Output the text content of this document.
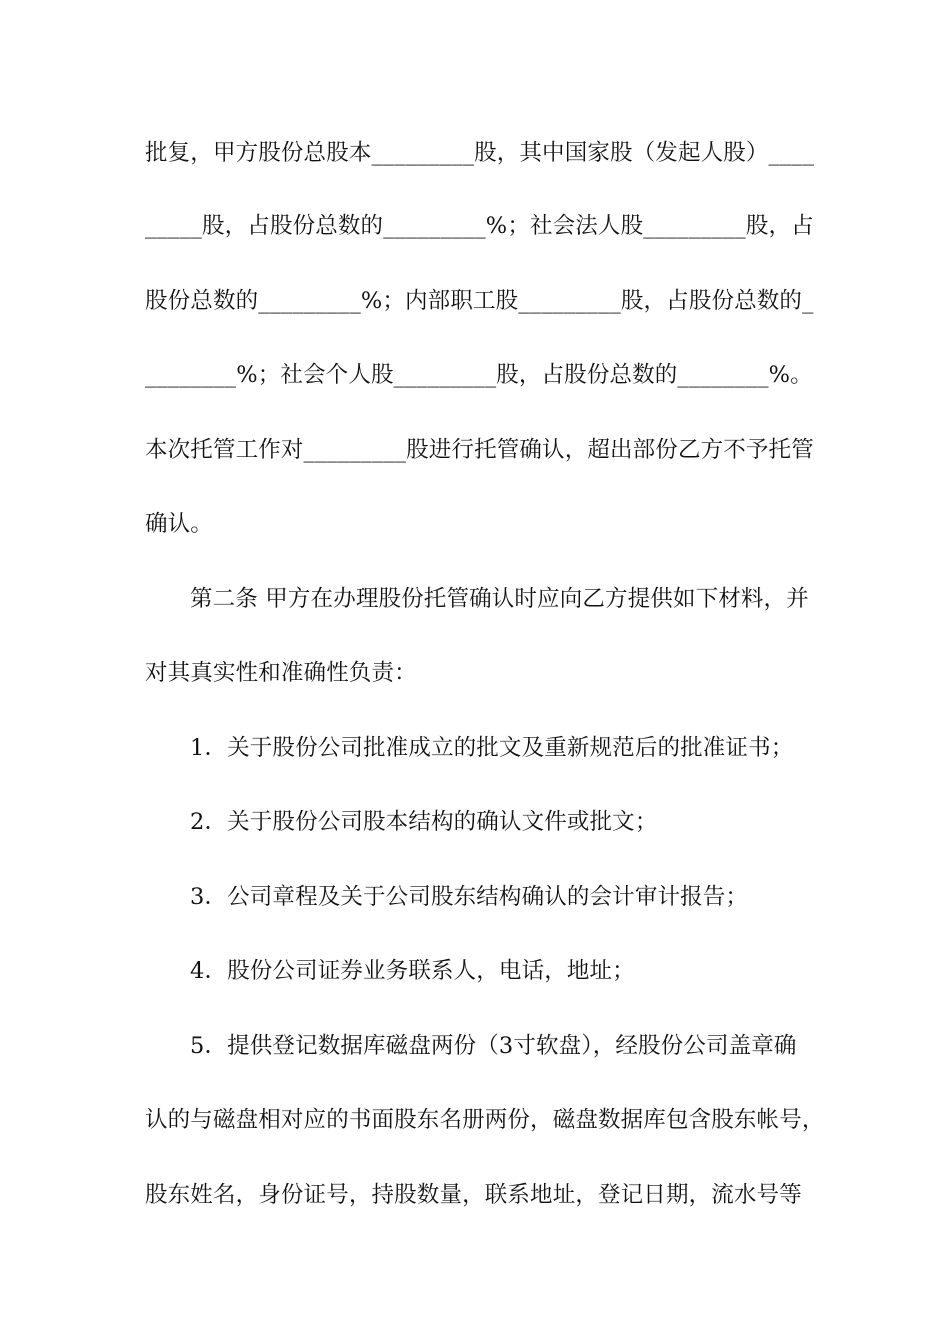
批复，甲方股份总股本_________股，其中国家股（发起人股）____

_____股，占股份总数的_________%；社会法人股_________股，占

股份总数的_________%；内部职工股_________股，占股份总数的_

________%；社会个人股_________股，占股份总数的________%。

本次托管工作对_________股进行托管确认，超出部份乙方不予托管

确认。

第二条 甲方在办理股份托管确认时应向乙方提供如下材料，并

对其真实性和准确性负责：

1．关于股份公司批准成立的批文及重新规范后的批准证书；

2．关于股份公司股本结构的确认文件或批文；

3．公司章程及关于公司股东结构确认的会计审计报告；

4．股份公司证券业务联系人，电话，地址；

5．提供登记数据库磁盘两份（3寸软盘），经股份公司盖章确

认的与磁盘相对应的书面股东名册两份，磁盘数据库包含股东帐号，

股东姓名，身份证号，持股数量，联系地址，登记日期，流水号等
